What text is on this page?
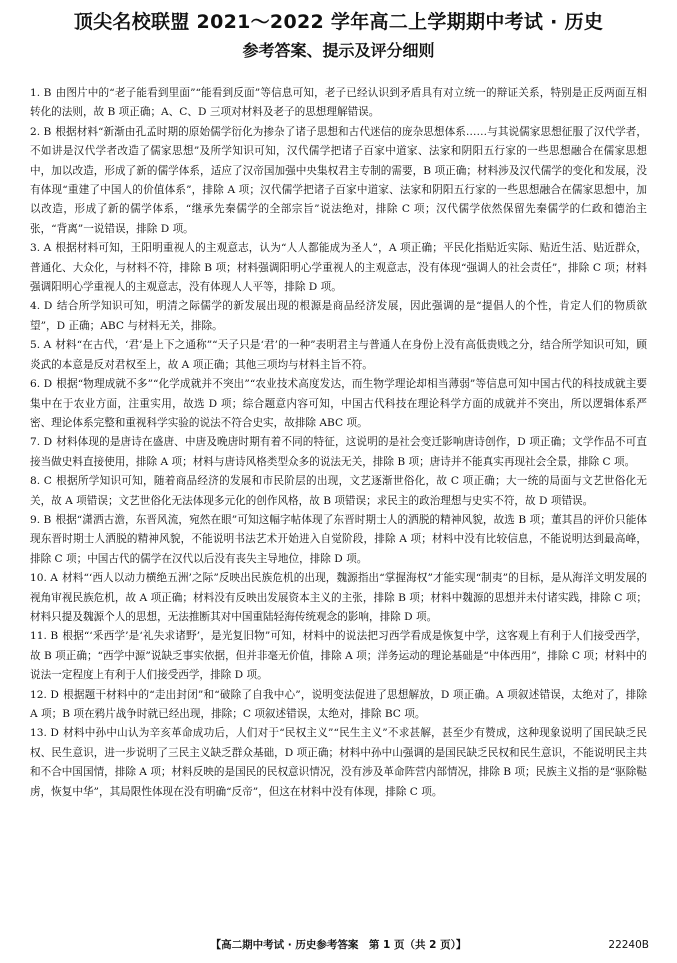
顶尖名校联盟 2021～2022 学年高二上学期期中考试 · 历史
参考答案、提示及评分细则

1. B 由图片中的“老子能看到里面”“能看到反面”等信息可知，老子已经认识到矛盾具有对立统一的辩证关系，特别是正反两面互相转化的法则，故 B 项正确；A、C、D 三项对材料及老子的思想理解错误。

2. B 根据材料“新渐由孔孟时期的原始儒学衍化为掺杂了诸子思想和古代迷信的庞杂思想体系……与其说儒家思想征服了汉代学者，不如讲是汉代学者改造了儒家思想”及所学知识可知，汉代儒学把诸子百家中道家、法家和阴阳五行家的一些思想融合在儒家思想中，加以改造，形成了新的儒学体系，适应了汉帝国加强中央集权君主专制的需要，B 项正确；材料涉及汉代儒学的变化和发展，没有体现“重建了中国人的价值体系”，排除 A 项；汉代儒学把诸子百家中道家、法家和阴阳五行家的一些思想融合在儒家思想中，加以改造，形成了新的儒学体系，“继承先秦儒学的全部宗旨”说法绝对，排除 C 项；汉代儒学依然保留先秦儒学的仁政和德治主张，“背离”一说错误，排除 D 项。

3. A 根据材料可知，王阳明重视人的主观意志，认为“人人都能成为圣人”，A 项正确；平民化指贴近实际、贴近生活、贴近群众，普通化、大众化，与材料不符，排除 B 项；材料强调阳明心学重视人的主观意志，没有体现“强调人的社会责任”，排除 C 项；材料强调阳明心学重视人的主观意志，没有体现人人平等，排除 D 项。

4. D 结合所学知识可知，明清之际儒学的新发展出现的根源是商品经济发展，因此强调的是“提倡人的个性，肯定人们的物质欲望”，D 正确；ABC 与材料无关，排除。

5. A 材料“在古代，‘君’是上下之通称”“天子只是‘君’的一种”表明君主与普通人在身份上没有高低贵贱之分，结合所学知识可知，顾炎武的本意是反对君权至上，故 A 项正确；其他三项均与材料主旨不符。

6. D 根据“物理成就不多”“化学成就并不突出”“农业技术高度发达，而生物学理论却相当薄弱”等信息可知中国古代的科技成就主要集中在于农业方面，注重实用，故选 D 项；综合题意内容可知，中国古代科技在理论科学方面的成就并不突出，所以逻辑体系严密、理论体系完整和重视科学实验的说法不符合史实，故排除 ABC 项。

7. D 材料体现的是唐诗在盛唐、中唐及晚唐时期有着不同的特征，这说明的是社会变迁影响唐诗创作，D 项正确；文学作品不可直接当做史料直接使用，排除 A 项；材料与唐诗风格类型众多的说法无关，排除 B 项；唐诗并不能真实再现社会全景，排除 C 项。

8. C 根据所学知识可知，随着商品经济的发展和市民阶层的出现，文艺逐渐世俗化，故 C 项正确；大一统的局面与文艺世俗化无关，故 A 项错误；文艺世俗化无法体现多元化的创作风格，故 B 项错误；求民主的政治理想与史实不符，故 D 项错误。

9. B 根据“潇洒古澹，东晋风流，宛然在眼”可知这幅字帖体现了东晋时期士人的洒脱的精神风貌，故选 B 项；董其昌的评价只能体现东晋时期士人洒脱的精神风貌，不能说明书法艺术开始进入自觉阶段，排除 A 项；材料中没有比较信息，不能说明达到最高峰，排除 C 项；中国古代的儒学在汉代以后没有丧失主导地位，排除 D 项。

10. A 材料“‘西人以动力横绝五洲’之际”反映出民族危机的出现，魏源指出“掌握海权”才能实现“制夷”的目标，是从海洋文明发展的视角审视民族危机，故 A 项正确；材料没有反映出发展资本主义的主张，排除 B 项；材料中魏源的思想并未付诸实践，排除 C 项；材料只提及魏源个人的思想，无法推断其对中国重陆轻海传统观念的影响，排除 D 项。

11. B 根据“‘釆西学’是‘礼失求诸野’，是光复旧物”可知，材料中的说法把习西学看成是恢复中学，这客观上有利于人们接受西学，故 B 项正确；“西学中源”说缺乏事实依据，但并非毫无价值，排除 A 项；洋务运动的理论基础是“中体西用”，排除 C 项；材料中的说法一定程度上有利于人们接受西学，排除 D 项。

12. D 根据题干材料中的“走出封闭”和“破除了自我中心”，说明变法促进了思想解放，D 项正确。A 项叙述错误，太绝对了，排除 A 项；B 项在鸦片战争时就已经出现，排除；C 项叙述错误，太绝对，排除 BC 项。

13. D 材料中孙中山认为辛亥革命成功后，人们对于“民权主义”“民生主义”不求甚解，甚至少有赞成，这种现象说明了国民缺乏民权、民生意识，进一步说明了三民主义缺乏群众基础，D 项正确；材料中孙中山强调的是国民缺乏民权和民生意识，不能说明民主共和不合中国国情，排除 A 项；材料反映的是国民的民权意识情况，没有涉及革命阵营内部情况，排除 B 项；民族主义指的是“驱除鞑虏，恢复中华”，其局限性体现在没有明确“反帝”，但这在材料中没有体现，排除 C 项。

【高二期中考试 · 历史参考答案　第 1 页（共 2 页）】	22240B
